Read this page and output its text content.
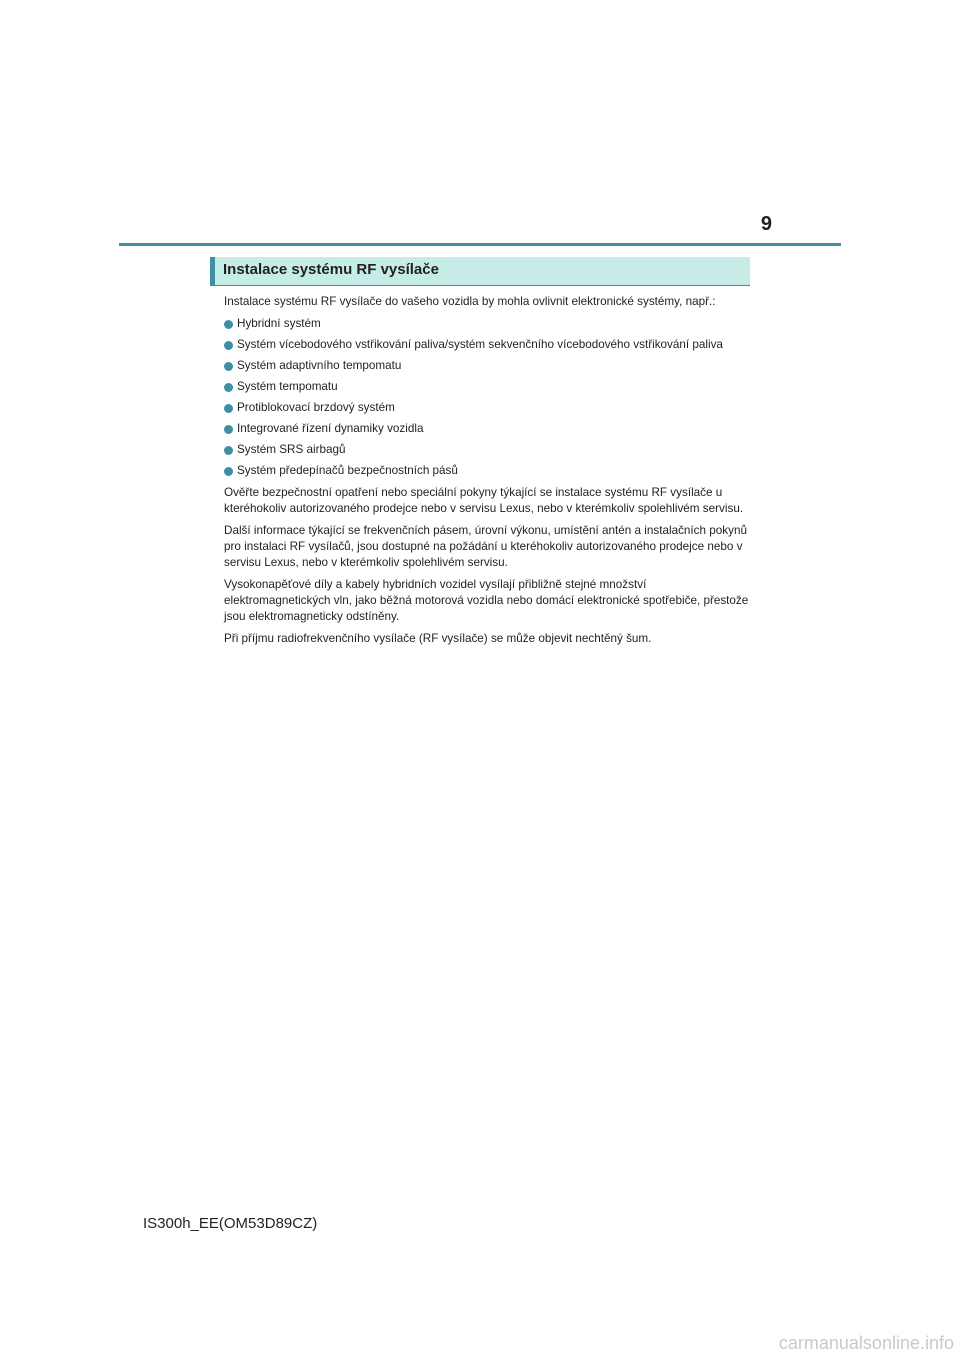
9
Instalace systému RF vysílače

Instalace systému RF vysílače do vašeho vozidla by mohla ovlivnit elektronické systémy, např.:

Hybridní systém
Systém vícebodového vstřikování paliva/systém sekvenčního vícebodového vstřikování paliva
Systém adaptivního tempomatu
Systém tempomatu
Protiblokovací brzdový systém
Integrované řízení dynamiky vozidla
Systém SRS airbagů
Systém předepínačů bezpečnostních pásů

Ověřte bezpečnostní opatření nebo speciální pokyny týkající se instalace systému RF vysílače u kteréhokoliv autorizovaného prodejce nebo v servisu Lexus, nebo v kterémkoliv spolehlivém servisu.

Další informace týkající se frekvenčních pásem, úrovní výkonu, umístění antén a instalačních pokynů pro instalaci RF vysílačů, jsou dostupné na požádání u kteréhokoliv autorizovaného prodejce nebo v servisu Lexus, nebo v kterémkoliv spolehlivém servisu.

Vysokonapěťové díly a kabely hybridních vozidel vysílají přibližně stejné množství elektromagnetických vln, jako běžná motorová vozidla nebo domácí elektronické spotřebiče, přestože jsou elektromagneticky odstíněny.

Při příjmu radiofrekvenčního vysílače (RF vysílače) se může objevit nechtěný šum.

IS300h_EE(OM53D89CZ)
carmanualsonline.info
